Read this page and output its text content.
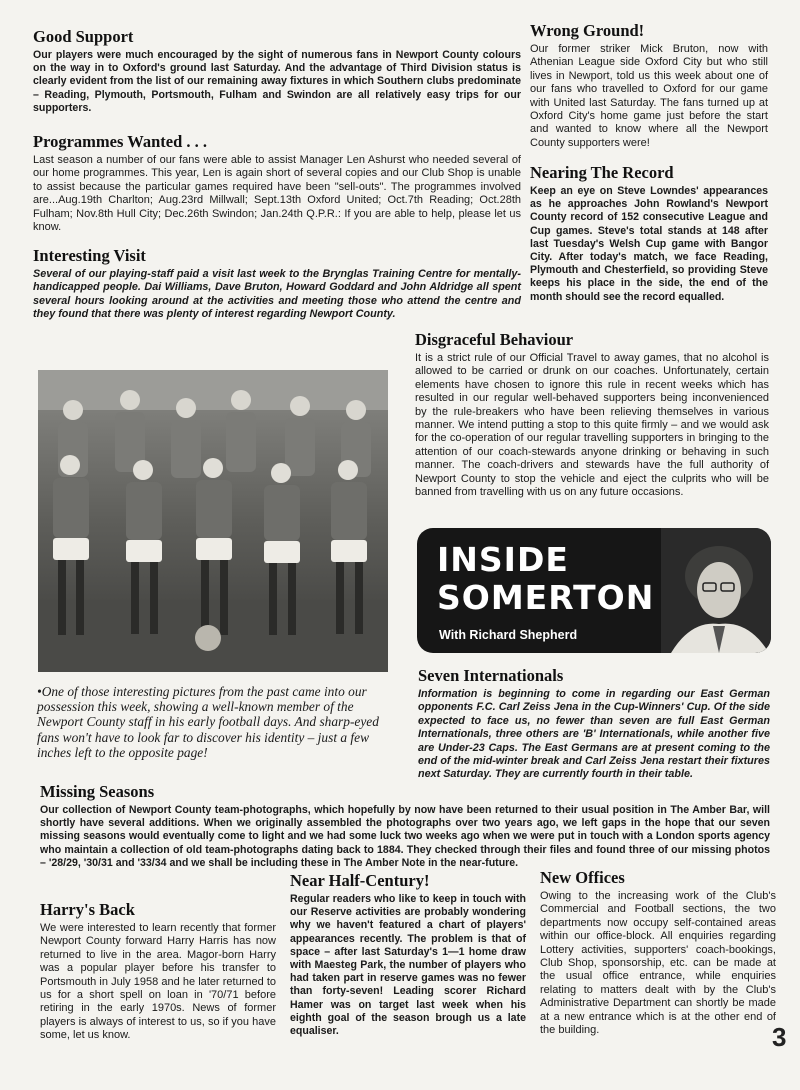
Good Support

Our players were much encouraged by the sight of numerous fans in Newport County colours on the way in to Oxford's ground last Saturday. And the advantage of Third Division status is clearly evident from the list of our remaining away fixtures in which Southern clubs predominate – Reading, Plymouth, Portsmouth, Fulham and Swindon are all relatively easy trips for our supporters.

Programmes Wanted . . .

Last season a number of our fans were able to assist Manager Len Ashurst who needed several of our home programmes. This year, Len is again short of several copies and our Club Shop is unable to assist because the particular games required have been "sell-outs". The programmes involved are...Aug.19th Charlton; Aug.23rd Millwall; Sept.13th Oxford United; Oct.7th Reading; Oct.28th Fulham; Nov.8th Hull City; Dec.26th Swindon; Jan.24th Q.P.R.: If you are able to help, please let us know.

Interesting Visit

Several of our playing-staff paid a visit last week to the Brynglas Training Centre for mentally-handicapped people. Dai Williams, Dave Bruton, Howard Goddard and John Aldridge all spent several hours looking around at the activities and meeting those who attend the centre and they found that there was plenty of interest regarding Newport County.

Wrong Ground!

Our former striker Mick Bruton, now with Athenian League side Oxford City but who still lives in Newport, told us this week about one of our fans who travelled to Oxford for our game with United last Saturday. The fans turned up at Oxford City's home game just before the start and wanted to know where all the Newport County supporters were!

Nearing The Record

Keep an eye on Steve Lowndes' appearances as he approaches John Rowland's Newport County record of 152 consecutive League and Cup games. Steve's total stands at 148 after last Tuesday's Welsh Cup game with Bangor City. After today's match, we face Reading, Plymouth and Chesterfield, so providing Steve keeps his place in the side, the end of the month should see the record equalled.

Disgraceful Behaviour

It is a strict rule of our Official Travel to away games, that no alcohol is allowed to be carried or drunk on our coaches. Unfortunately, certain elements have chosen to ignore this rule in recent weeks which has resulted in our regular well-behaved supporters being inconvenienced by the rule-breakers who have been relieving themselves in various manner. We intend putting a stop to this quite firmly – and we would ask for the co-operation of our regular travelling supporters in bringing to the attention of our coach-stewards anyone drinking or behaving in such manner. The coach-drivers and stewards have the full authority of Newport County to stop the vehicle and eject the culprits who will be banned from travelling with us on any future occasions.

•One of those interesting pictures from the past came into our possession this week, showing a well-known member of the Newport County staff in his early football days. And sharp-eyed fans won't have to look far to discover his identity – just a few inches left to the opposite page!

INSIDE
SOMERTON
With Richard Shepherd
Seven Internationals

Information is beginning to come in regarding our East German opponents F.C. Carl Zeiss Jena in the Cup-Winners' Cup. Of the side expected to face us, no fewer than seven are full East German Internationals, three others are 'B' Internationals, while another five are Under-23 Caps. The East Germans are at present coming to the end of the mid-winter break and Carl Zeiss Jena restart their fixtures next Saturday. They are currently fourth in their table.

Missing Seasons

Our collection of Newport County team-photographs, which hopefully by now have been returned to their usual position in The Amber Bar, will shortly have several additions. When we originally assembled the photographs over two years ago, we left gaps in the hope that our seven missing seasons would eventually come to light and we had some luck two weeks ago when we were put in touch with a London sports agency who maintain a collection of old team-photographs dating back to 1884. They checked through their files and found three of our missing photos – '28/29, '30/31 and '33/34 and we shall be including these in The Amber Note in the near-future.

Harry's Back

We were interested to learn recently that former Newport County forward Harry Harris has now returned to live in the area. Magor-born Harry was a popular player before his transfer to Portsmouth in July 1958 and he later returned to us for a short spell on loan in '70/71 before retiring in the early 1970s. News of former players is always of interest to us, so if you have some, let us know.

Near Half-Century!

Regular readers who like to keep in touch with our Reserve activities are probably wondering why we haven't featured a chart of players' appearances recently. The problem is that of space – after last Saturday's 1—1 home draw with Maesteg Park, the number of players who had taken part in reserve games was no fewer than forty-seven! Leading scorer Richard Hamer was on target last week when his eighth goal of the season brough us a late equaliser.

New Offices

Owing to the increasing work of the Club's Commercial and Football sections, the two departments now occupy self-contained areas within our office-block. All enquiries regarding Lottery activities, supporters' coach-bookings, Club Shop, sponsorship, etc. can be made at the usual office entrance, while enquiries relating to matters dealt with by the Club's Administrative Department can shortly be made at a new entrance which is at the other end of the building.	3
